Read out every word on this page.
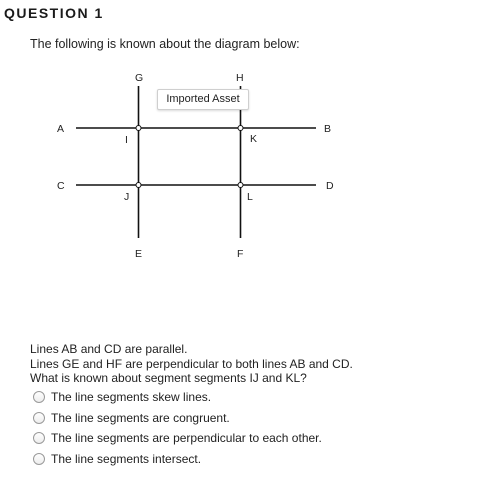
QUESTION 1

The following is known about the diagram below:

A	B
C	D
G	H
I	K
J	L
E	F
Imported Asset
Lines AB and CD are parallel.
Lines GE and HF are perpendicular to both lines AB and CD.
What is known about segment segments IJ and KL?
The line segments skew lines.
The line segments are congruent.
The line segments are perpendicular to each other.
The line segments intersect.
